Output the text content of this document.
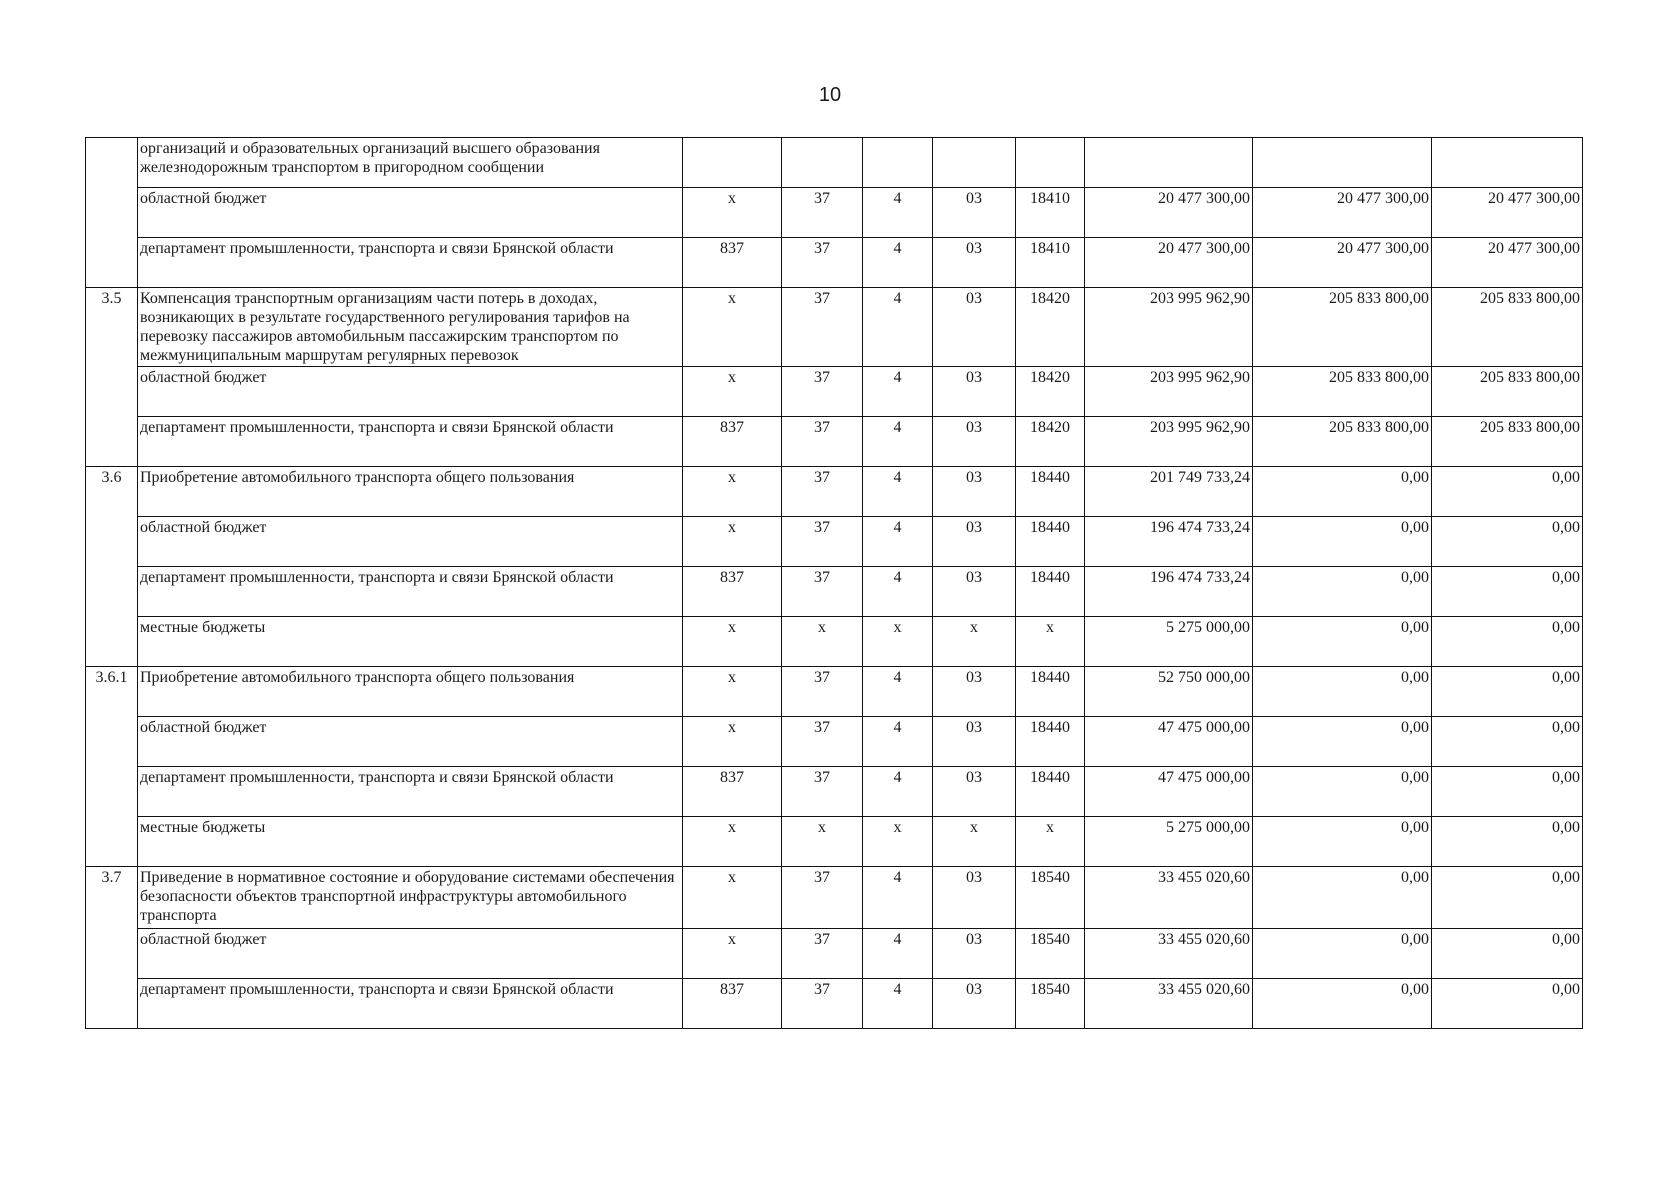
10
	организаций и образовательных организаций высшего образования железнодорожным транспортом в пригородном сообщении								
	областной бюджет	х	37	4	03	18410	20 477 300,00	20 477 300,00	20 477 300,00
	департамент промышленности, транспорта и связи Брянской области	837	37	4	03	18410	20 477 300,00	20 477 300,00	20 477 300,00
3.5	Компенсация транспортным организациям части потерь в доходах, возникающих в результате государственного регулирования тарифов на перевозку пассажиров автомобильным пассажирским транспортом по межмуниципальным маршрутам регулярных перевозок	х	37	4	03	18420	203 995 962,90	205 833 800,00	205 833 800,00
	областной бюджет	х	37	4	03	18420	203 995 962,90	205 833 800,00	205 833 800,00
	департамент промышленности, транспорта и связи Брянской области	837	37	4	03	18420	203 995 962,90	205 833 800,00	205 833 800,00
3.6	Приобретение автомобильного транспорта общего пользования	х	37	4	03	18440	201 749 733,24	0,00	0,00
	областной бюджет	х	37	4	03	18440	196 474 733,24	0,00	0,00
	департамент промышленности, транспорта и связи Брянской области	837	37	4	03	18440	196 474 733,24	0,00	0,00
	местные бюджеты	х	х	х	х	х	5 275 000,00	0,00	0,00
3.6.1	Приобретение автомобильного транспорта общего пользования	х	37	4	03	18440	52 750 000,00	0,00	0,00
	областной бюджет	х	37	4	03	18440	47 475 000,00	0,00	0,00
	департамент промышленности, транспорта и связи Брянской области	837	37	4	03	18440	47 475 000,00	0,00	0,00
	местные бюджеты	х	х	х	х	х	5 275 000,00	0,00	0,00
3.7	Приведение в нормативное состояние и оборудование системами обеспечения безопасности объектов транспортной инфраструктуры автомобильного транспорта	х	37	4	03	18540	33 455 020,60	0,00	0,00
	областной бюджет	х	37	4	03	18540	33 455 020,60	0,00	0,00
	департамент промышленности, транспорта и связи Брянской области	837	37	4	03	18540	33 455 020,60	0,00	0,00
